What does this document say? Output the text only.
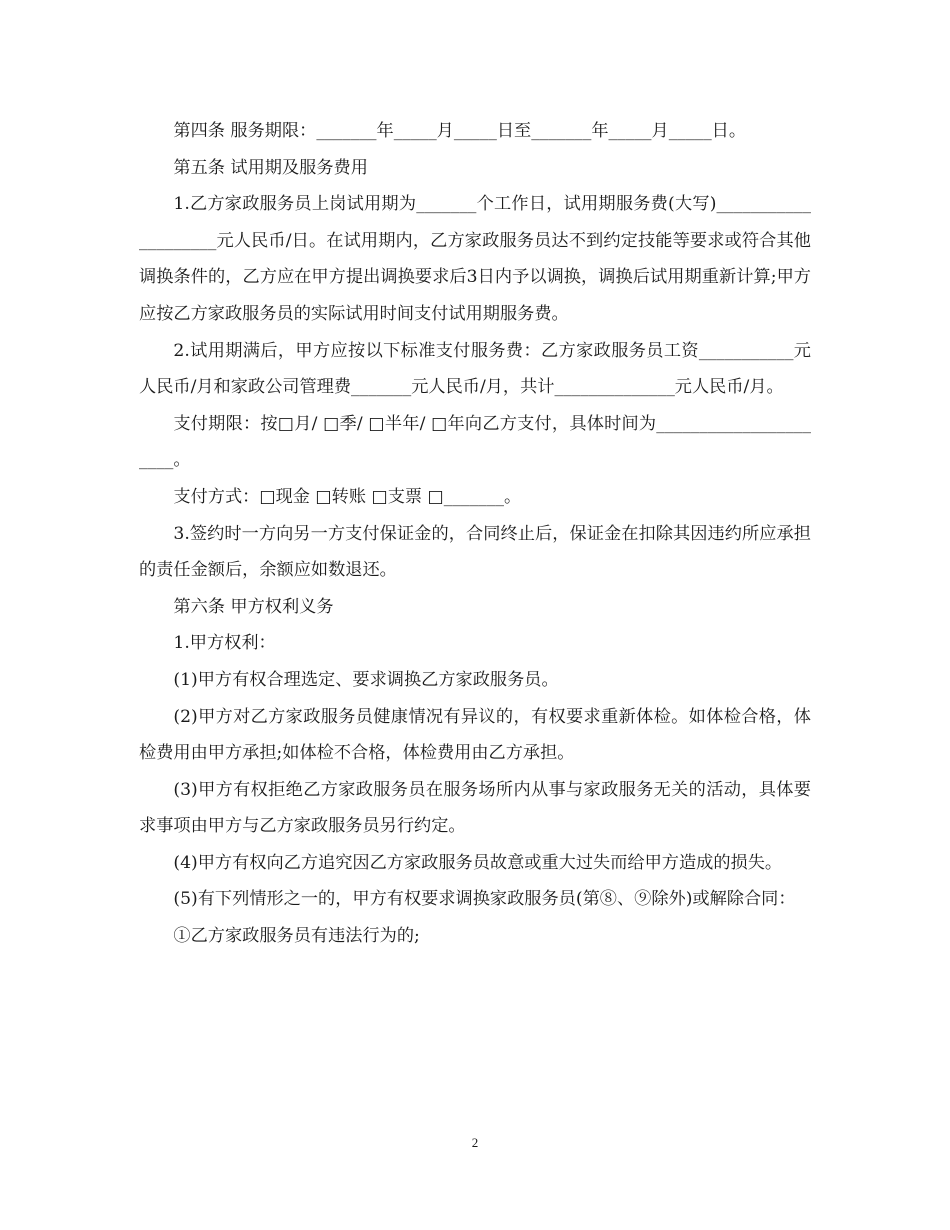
第四条 服务期限：_______年_____月_____日至_______年_____月_____日。

第五条 试用期及服务费用

1.乙方家政服务员上岗试用期为_______个工作日，试用期服务费(大写)____________________元人民币/日。在试用期内，乙方家政服务员达不到约定技能等要求或符合其他调换条件的，乙方应在甲方提出调换要求后3日内予以调换，调换后试用期重新计算;甲方应按乙方家政服务员的实际试用时间支付试用期服务费。

2.试用期满后，甲方应按以下标准支付服务费：乙方家政服务员工资___________元人民币/月和家政公司管理费_______元人民币/月，共计______________元人民币/月。

支付期限：按□月/ □季/ □半年/ □年向乙方支付，具体时间为______________________。

支付方式：□现金 □转账 □支票 □_______。

3.签约时一方向另一方支付保证金的，合同终止后，保证金在扣除其因违约所应承担的责任金额后，余额应如数退还。

第六条 甲方权利义务

1.甲方权利：

(1)甲方有权合理选定、要求调换乙方家政服务员。

(2)甲方对乙方家政服务员健康情况有异议的，有权要求重新体检。如体检合格，体检费用由甲方承担;如体检不合格，体检费用由乙方承担。

(3)甲方有权拒绝乙方家政服务员在服务场所内从事与家政服务无关的活动，具体要求事项由甲方与乙方家政服务员另行约定。

(4)甲方有权向乙方追究因乙方家政服务员故意或重大过失而给甲方造成的损失。

(5)有下列情形之一的，甲方有权要求调换家政服务员(第⑧、⑨除外)或解除合同：

①乙方家政服务员有违法行为的;

2
